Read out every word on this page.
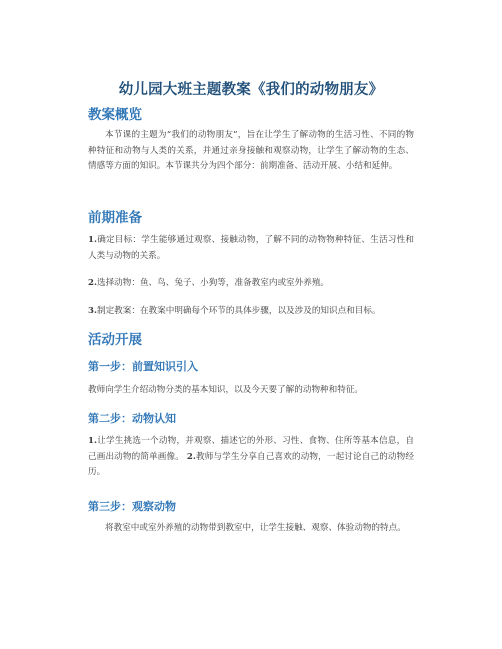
幼儿园大班主题教案《我们的动物朋友》
教案概览
本节课的主题为“我们的动物朋友”，旨在让学生了解动物的生活习性、不同的物种特征和动物与人类的关系，并通过亲身接触和观察动物，让学生了解动物的生态、情感等方面的知识。本节课共分为四个部分：前期准备、活动开展、小结和延伸。
前期准备
1.确定目标：学生能够通过观察、接触动物，了解不同的动物物种特征、生活习性和人类与动物的关系。
2.选择动物：鱼、鸟、兔子、小狗等，准备教室内或室外养殖。
3.制定教案：在教案中明确每个环节的具体步骤，以及涉及的知识点和目标。
活动开展
第一步：前置知识引入
教师向学生介绍动物分类的基本知识，以及今天要了解的动物种和特征。
第二步：动物认知
1.让学生挑选一个动物，并观察、描述它的外形、习性、食物、住所等基本信息，自己画出动物的简单画像。 2.教师与学生分享自己喜欢的动物，一起讨论自己的动物经历。
第三步：观察动物
将教室中或室外养殖的动物带到教室中，让学生接触、观察、体验动物的特点。
